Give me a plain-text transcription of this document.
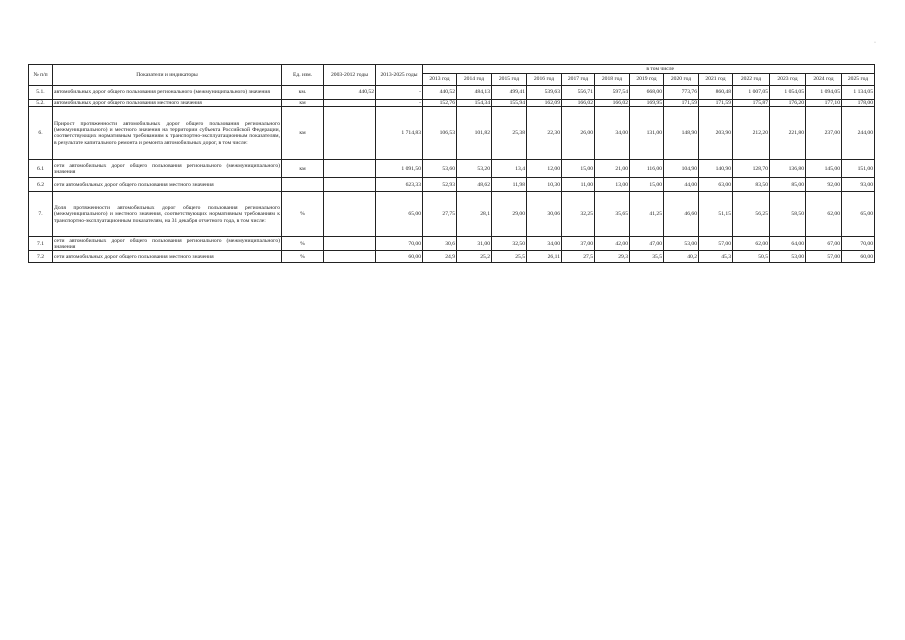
№ п/п	Показатели и индикаторы	Ед. изм.	2003-2012 годы	2013-2025 годы	в том числе												
					2013 год	2014 год	2015 год	2016 год	2017 год	2018 год	2019 год	2020 год	2021 год	2022 год	2023 год	2024 год	2025 год
5.1.	автомобильных дорог общего пользования регионального (межмуниципального) значения	км.	440,52	-	440,52	484,13	499,41	539,63	556,71	597,54	668,00	773,76	860,48	1 007,05	1 054,05	1 094,05	1 134,05
5.2.	автомобильных дорог общего пользования местного значения	км		-	152,76	154,34	155,94	162,09	166,02	166,02	169,95	171,59	171,59	175,87	176,20	177,10	178,00
6.	Прирост протяженности автомобильных дорог общего пользования регионального (межмуниципального) и местного значения на территории субъекта Российской Федерации, соответствующих нормативным требованиям к транспортно-эксплуатационным показателям, в результате капитального ремонта и ремонта автомобильных дорог, в том числе:	км		1 714,83	106,53	101,82	25,38	22,30	26,00	34,00	131,00	148,90	203,90	212,20	221,80	237,00	244,00
6.1	сети автомобильных дорог общего пользования регионального (межмуниципального) значения	км		1 091,50	53,60	53,20	13,4	12,00	15,00	21,00	116,00	104,90	140,90	128,70	136,80	145,00	151,00
6.2	сети автомобильных дорог общего пользования местного значения			623,33	52,93	48,62	11,98	10,30	11,00	13,00	15,00	44,00	63,00	83,50	85,00	92,00	93,00
7.	Доля протяженности автомобильных дорог общего пользования регионального (межмуниципального) и местного значения, соответствующих нормативным требованиям к транспортно-эксплуатационным показателям, на 31 декабря отчетного года, в том числе:	%		65,00	27,75	28,1	29,00	30,06	32,25	35,65	41,25	46,60	51,15	56,25	58,50	62,00	65,00
7.1	сети автомобильных дорог общего пользования регионального (межмуниципального) значения	%		70,00	30,6	31,00	32,50	34,00	37,00	42,00	47,00	53,00	57,00	62,00	64,00	67,00	70,00
7.2	сети автомобильных дорог общего пользования местного значения	%		60,00	24,9	25,2	25,5	26,11	27,5	29,3	35,5	40,2	45,3	50,5	53,00	57,00	60,00
·
